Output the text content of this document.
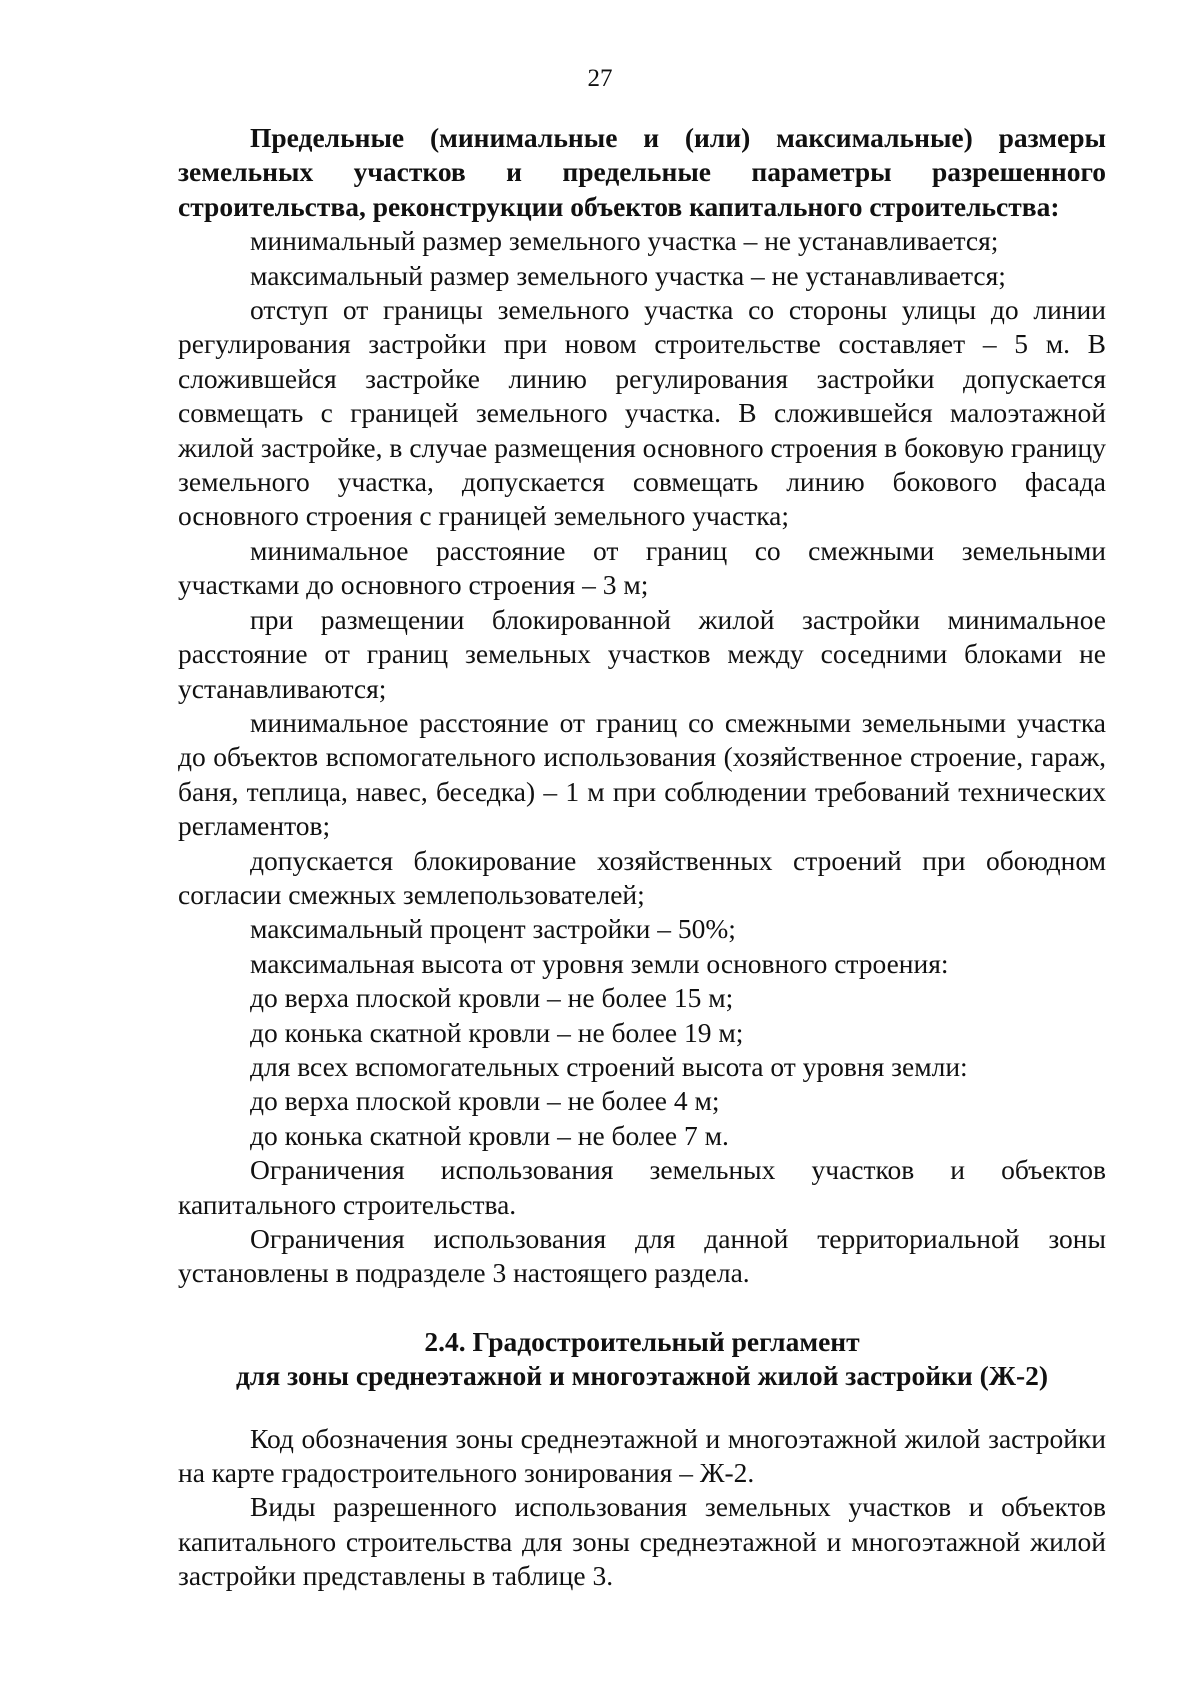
27

Предельные (минимальные и (или) максимальные) размеры земельных участков и предельные параметры разрешенного строительства, реконструкции объектов капитального строительства:

минимальный размер земельного участка – не устанавливается;

максимальный размер земельного участка – не устанавливается;

отступ от границы земельного участка со стороны улицы до линии регулирования застройки при новом строительстве составляет – 5 м. В сложившейся застройке линию регулирования застройки допускается совмещать с границей земельного участка. В сложившейся малоэтажной жилой застройке, в случае размещения основного строения в боковую границу земельного участка, допускается совмещать линию бокового фасада основного строения с границей земельного участка;

минимальное расстояние от границ со смежными земельными участками до основного строения – 3 м;

при размещении блокированной жилой застройки минимальное расстояние от границ земельных участков между соседними блоками не устанавливаются;

минимальное расстояние от границ со смежными земельными участка до объектов вспомогательного использования (хозяйственное строение, гараж, баня, теплица, навес, беседка) – 1 м при соблюдении требований технических регламентов;

допускается блокирование хозяйственных строений при обоюдном согласии смежных землепользователей;

максимальный процент застройки – 50%;

максимальная высота от уровня земли основного строения:

до верха плоской кровли – не более 15 м;

до конька скатной кровли – не более 19 м;

для всех вспомогательных строений высота от уровня земли:

до верха плоской кровли – не более 4 м;

до конька скатной кровли – не более 7 м.

Ограничения использования земельных участков и объектов капитального строительства.

Ограничения использования для данной территориальной зоны установлены в подразделе 3 настоящего раздела.

2.4. Градостроительный регламент

для зоны среднеэтажной и многоэтажной жилой застройки (Ж-2)

Код обозначения зоны среднеэтажной и многоэтажной жилой застройки на карте градостроительного зонирования – Ж-2.

Виды разрешенного использования земельных участков и объектов капитального строительства для зоны среднеэтажной и многоэтажной жилой застройки представлены в таблице 3.
